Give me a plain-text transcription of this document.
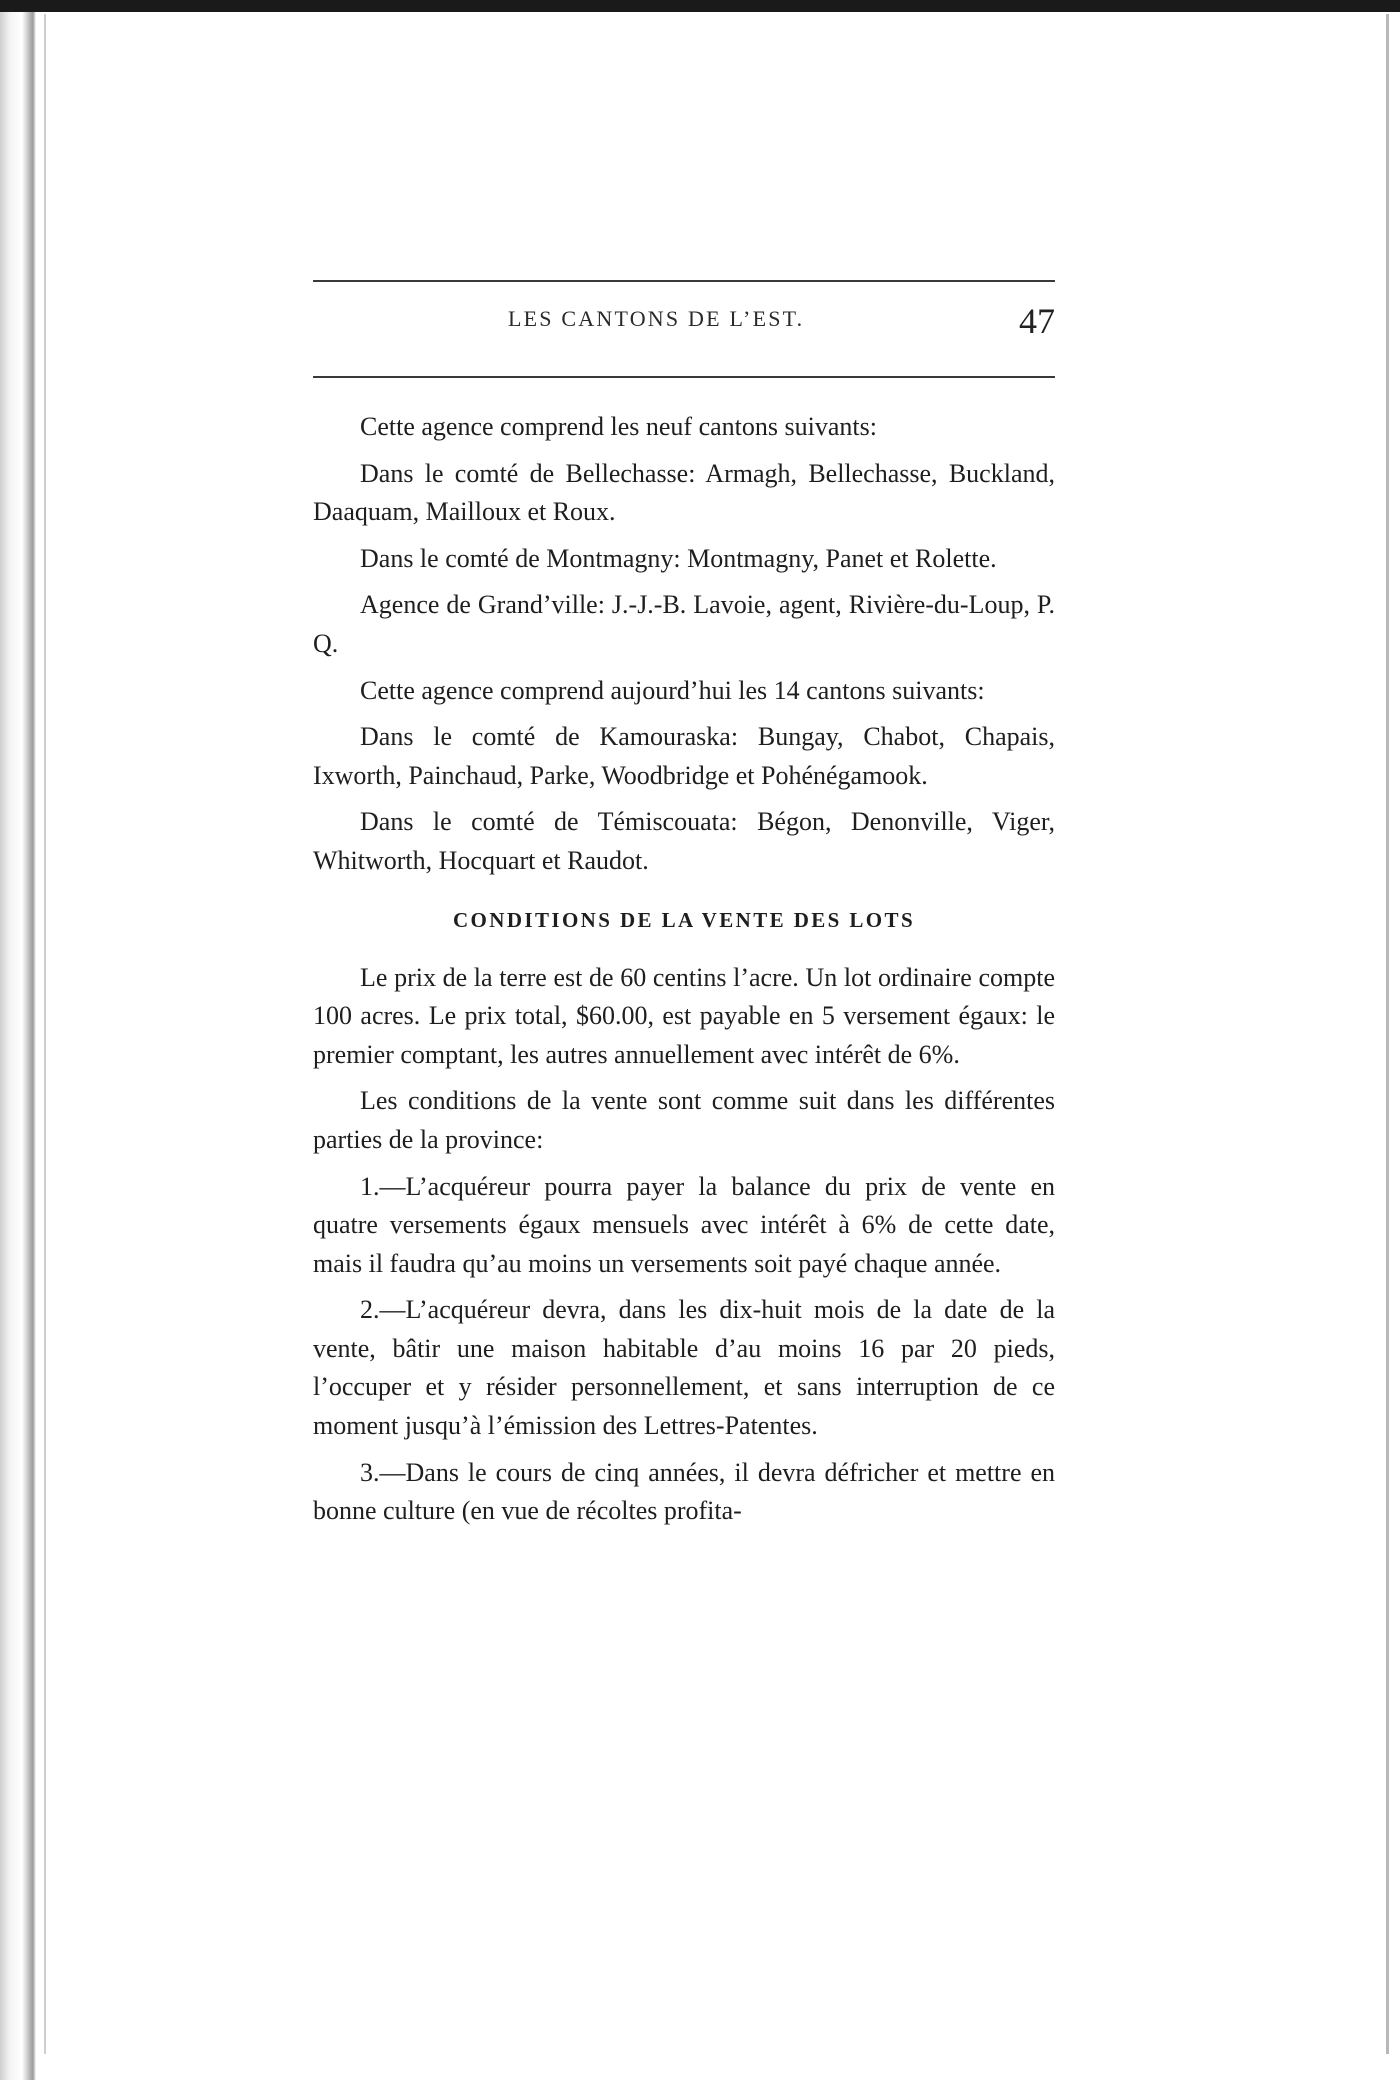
LES CANTONS DE L’EST.	47

Cette agence comprend les neuf cantons suivants:

Dans le comté de Bellechasse: Armagh, Bellechasse, Buckland, Daaquam, Mailloux et Roux.

Dans le comté de Montmagny: Montmagny, Panet et Rolette.

Agence de Grand’ville: J.-J.-B. Lavoie, agent, Rivière-du-Loup, P. Q.

Cette agence comprend aujourd’hui les 14 cantons suivants:

Dans le comté de Kamouraska: Bungay, Chabot, Chapais, Ixworth, Painchaud, Parke, Woodbridge et Pohénégamook.

Dans le comté de Témiscouata: Bégon, Denonville, Viger, Whitworth, Hocquart et Raudot.

CONDITIONS DE LA VENTE DES LOTS

Le prix de la terre est de 60 centins l’acre. Un lot ordinaire compte 100 acres. Le prix total, $60.00, est payable en 5 versement égaux: le premier comptant, les autres annuellement avec intérêt de 6%.

Les conditions de la vente sont comme suit dans les différentes parties de la province:

1.—L’acquéreur pourra payer la balance du prix de vente en quatre versements égaux mensuels avec intérêt à 6% de cette date, mais il faudra qu’au moins un versements soit payé chaque année.

2.—L’acquéreur devra, dans les dix-huit mois de la date de la vente, bâtir une maison habitable d’au moins 16 par 20 pieds, l’occuper et y résider personnellement, et sans interruption de ce moment jusqu’à l’émission des Lettres-Patentes.

3.—Dans le cours de cinq années, il devra défricher et mettre en bonne culture (en vue de récoltes profita-
